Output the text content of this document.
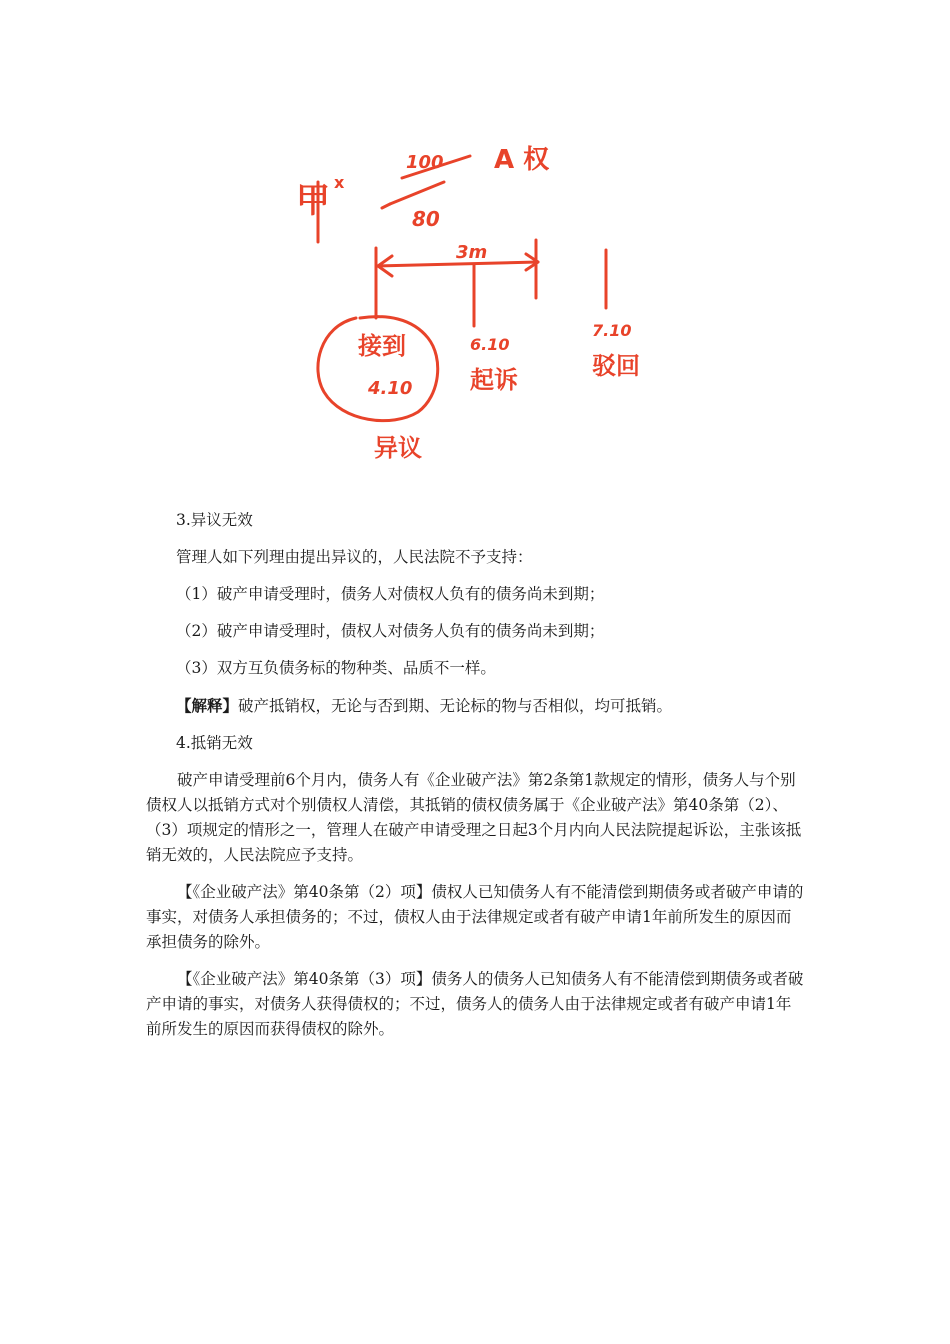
甲 x
100
80
A 权
3m
接到
4.10
异议
6.10
起诉
7.10
驳回

3.异议无效

管理人如下列理由提出异议的，人民法院不予支持：

（1）破产申请受理时，债务人对债权人负有的债务尚未到期；

（2）破产申请受理时，债权人对债务人负有的债务尚未到期；

（3）双方互负债务标的物种类、品质不一样。

【解释】破产抵销权，无论与否到期、无论标的物与否相似，均可抵销。

4.抵销无效

破产申请受理前6个月内，债务人有《企业破产法》第2条第1款规定的情形，债务人与个别债权人以抵销方式对个别债权人清偿，其抵销的债权债务属于《企业破产法》第40条第（2）、（3）项规定的情形之一，管理人在破产申请受理之日起3个月内向人民法院提起诉讼，主张该抵销无效的，人民法院应予支持。

【《企业破产法》第40条第（2）项】债权人已知债务人有不能清偿到期债务或者破产申请的事实，对债务人承担债务的；不过，债权人由于法律规定或者有破产申请1年前所发生的原因而承担债务的除外。

【《企业破产法》第40条第（3）项】债务人的债务人已知债务人有不能清偿到期债务或者破产申请的事实，对债务人获得债权的；不过，债务人的债务人由于法律规定或者有破产申请1年前所发生的原因而获得债权的除外。
